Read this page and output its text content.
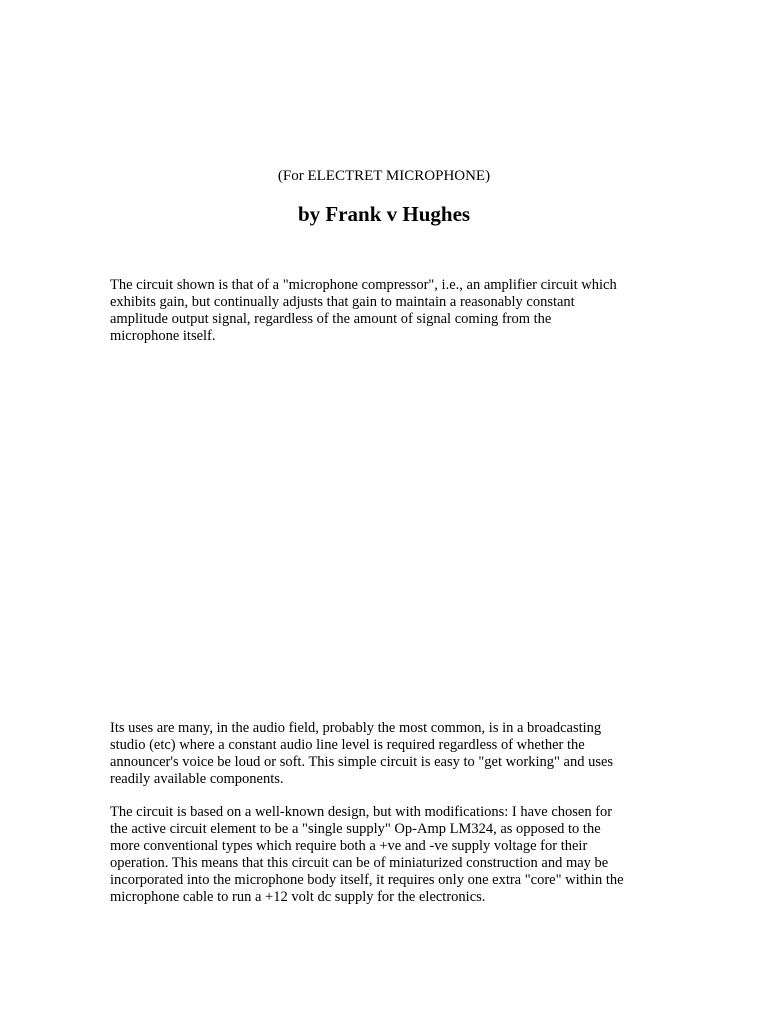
(For ELECTRET MICROPHONE)
by Frank v Hughes

The circuit shown is that of a "microphone compressor", i.e., an amplifier circuit which
exhibits gain, but continually adjusts that gain to maintain a reasonably constant
amplitude output signal, regardless of the amount of signal coming from the
microphone itself.

Its uses are many, in the audio field, probably the most common, is in a broadcasting
studio (etc) where a constant audio line level is required regardless of whether the
announcer's voice be loud or soft. This simple circuit is easy to "get working" and uses
readily available components.

The circuit is based on a well-known design, but with modifications: I have chosen for
the active circuit element to be a "single supply" Op-Amp LM324, as opposed to the
more conventional types which require both a +ve and -ve supply voltage for their
operation. This means that this circuit can be of miniaturized construction and may be
incorporated into the microphone body itself, it requires only one extra "core" within the
microphone cable to run a +12 volt dc supply for the electronics.
